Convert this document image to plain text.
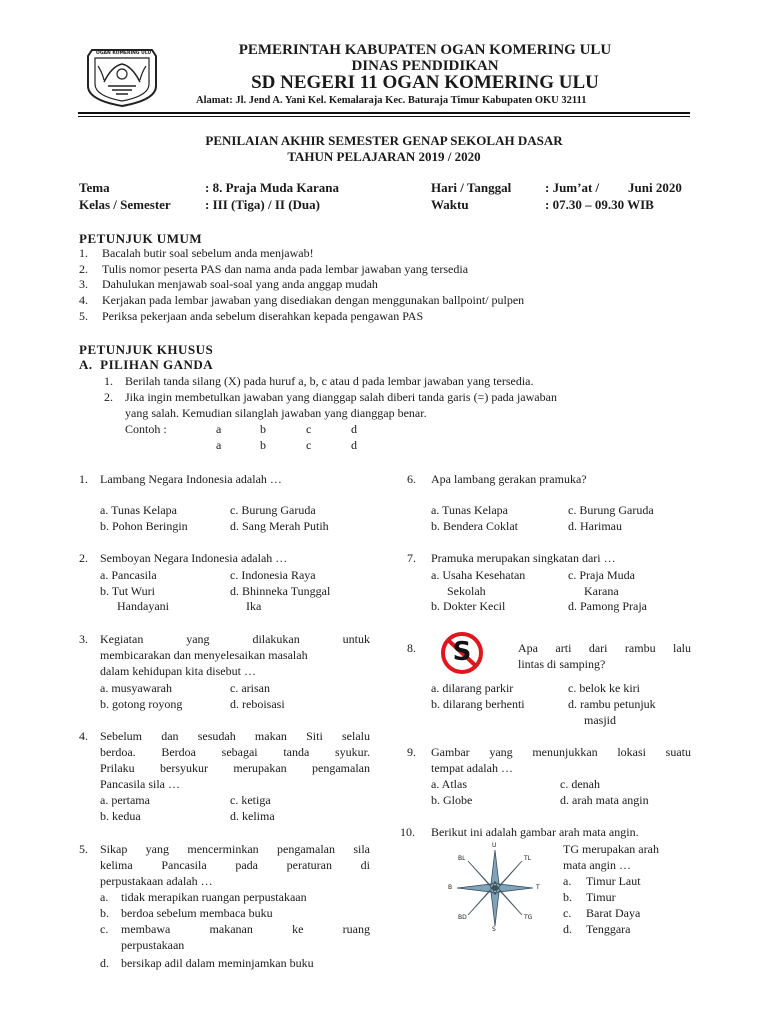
OGAN KOMERING ULU	PEMERINTAH KABUPATEN OGAN KOMERING ULU
DINAS PENDIDIKAN
SD NEGERI 11 OGAN KOMERING ULU
Alamat: Jl. Jend A. Yani Kel. Kemalaraja Kec. Baturaja Timur Kabupaten OKU 32111
PENILAIAN AKHIR SEMESTER GENAP SEKOLAH DASAR
TAHUN PELAJARAN 2019 / 2020
Tema	: 8. Praja Muda Karana
Kelas / Semester	: III (Tiga) / II (Dua)
Hari / Tanggal	: Jum’at / Juni 2020
Waktu	: 07.30 – 09.30 WIB
PETUNJUK UMUM
1. Bacalah butir soal sebelum anda menjawab!
2. Tulis nomor peserta PAS dan nama anda pada lembar jawaban yang tersedia
3. Dahulukan menjawab soal-soal yang anda anggap mudah
4. Kerjakan pada lembar jawaban yang disediakan dengan menggunakan ballpoint/ pulpen
5. Periksa pekerjaan anda sebelum diserahkan kepada pengawan PAS
PETUNJUK KHUSUS
A.  PILIHAN GANDA
1. Berilah tanda silang (X) pada huruf a, b, c atau d pada lembar jawaban yang tersedia.
2. Jika ingin membetulkan jawaban yang dianggap salah diberi tanda garis (=) pada jawaban
yang salah. Kemudian silanglah jawaban yang dianggap benar.
Contoh :	a	b	c	d
a	b	c	d
1. Lambang Negara Indonesia adalah …
a. Tunas Kelapa	c. Burung Garuda
b. Pohon Beringin	d. Sang Merah Putih
2. Semboyan Negara Indonesia adalah …
a. Pancasila	c. Indonesia Raya
b. Tut Wuri	d. Bhinneka Tunggal
Handayani	Ika
3. Kegiatan yang dilakukan untuk
membicarakan dan menyelesaikan masalah
dalam kehidupan kita disebut …
a. musyawarah	c. arisan
b. gotong royong	d. reboisasi
4. Sebelum dan sesudah makan Siti selalu
berdoa. Berdoa sebagai tanda syukur.
Prilaku bersyukur merupakan pengamalan
Pancasila sila …
a. pertama	c. ketiga
b. kedua	d. kelima
5. Sikap yang mencerminkan pengamalan sila
kelima Pancasila pada peraturan di
perpustakaan adalah …
a. tidak merapikan ruangan perpustakaan
b. berdoa sebelum membaca buku
c. membawa makanan ke ruang
perpustakaan
d. bersikap adil dalam meminjamkan buku
6. Apa lambang gerakan pramuka?
a. Tunas Kelapa	c. Burung Garuda
b. Bendera Coklat	d. Harimau
7. Pramuka merupakan singkatan dari …
a. Usaha Kesehatan	c. Praja Muda
Sekolah	Karana
b. Dokter Kecil	d. Pamong Praja
8.	S	Apa arti dari rambu lalu
lintas di samping?
a. dilarang parkir	c. belok ke kiri
b. dilarang berhenti	d. rambu petunjuk
masjid
9. Gambar yang menunjukkan lokasi suatu
tempat adalah …
a. Atlas	c. denah
b. Globe	d. arah mata angin
10. Berikut ini adalah gambar arah mata angin.
U
S
B	T
BL	TL
BD	TG
TG merupakan arah
mata angin …
a. Timur Laut
b. Timur
c. Barat Daya
d. Tenggara
